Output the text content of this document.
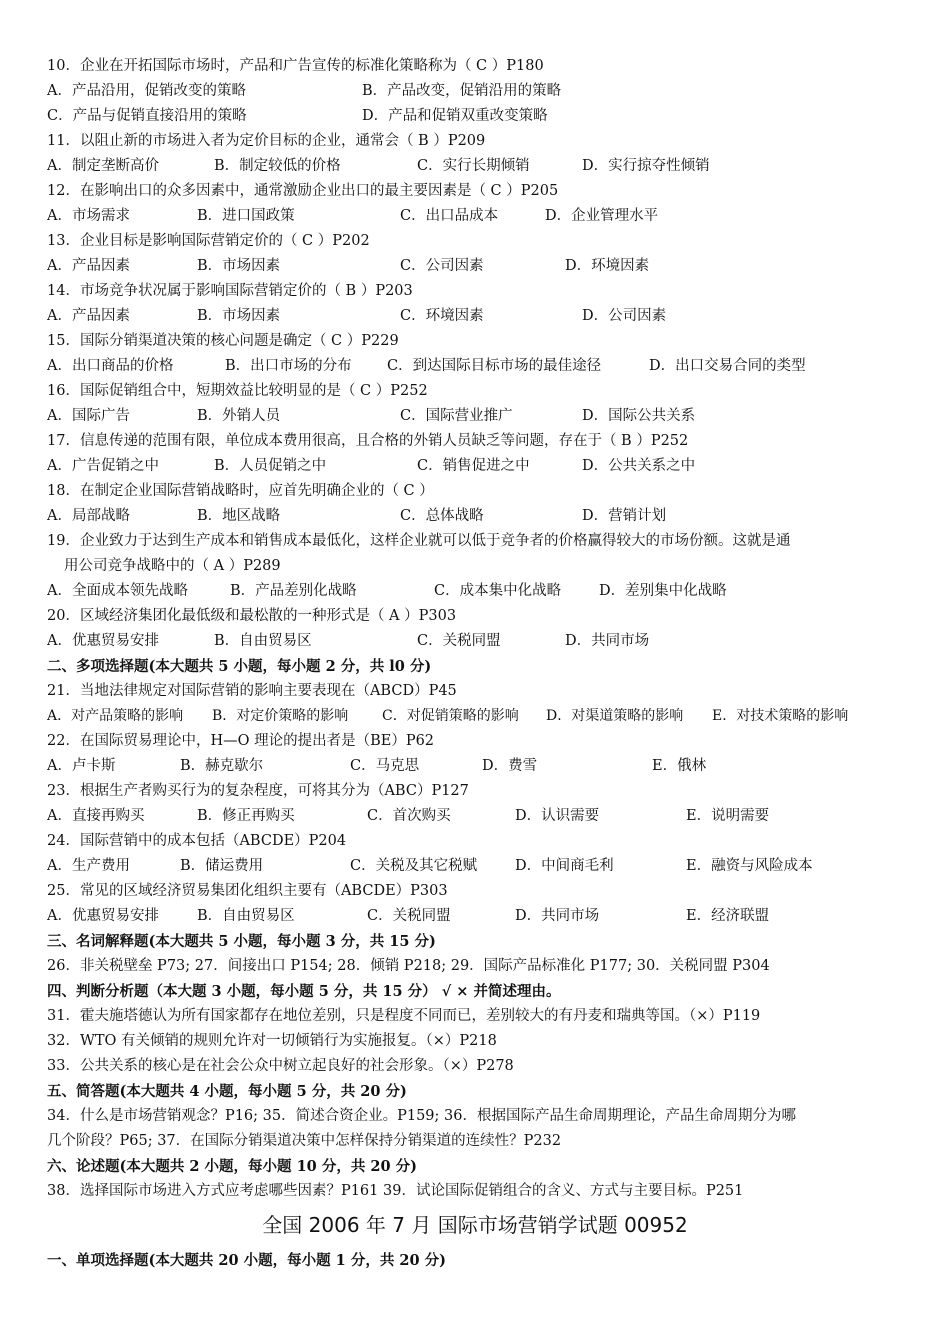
10．企业在开拓国际市场时，产品和广告宣传的标准化策略称为（ C ）P180
A．产品沿用，促销改变的策略	B．产品改变，促销沿用的策略
C．产品与促销直接沿用的策略	D．产品和促销双重改变策略
11．以阻止新的市场进入者为定价目标的企业，通常会（ B ）P209
A．制定垄断高价	B．制定较低的价格	C．实行长期倾销	D．实行掠夺性倾销
12．在影响出口的众多因素中，通常激励企业出口的最主要因素是（ C ）P205
A．市场需求	B．进口国政策	C．出口品成本	D．企业管理水平
13．企业目标是影响国际营销定价的（ C ）P202
A．产品因素	B．市场因素	C．公司因素	D．环境因素
14．市场竞争状况属于影响国际营销定价的（ B ）P203
A．产品因素	B．市场因素	C．环境因素	D．公司因素
15．国际分销渠道决策的核心问题是确定（ C ）P229
A．出口商品的价格	B．出口市场的分布	C．到达国际目标市场的最佳途径	D．出口交易合同的类型
16．国际促销组合中，短期效益比较明显的是（ C ）P252
A．国际广告	B．外销人员	C．国际营业推广	D．国际公共关系
17．信息传递的范围有限，单位成本费用很高，且合格的外销人员缺乏等问题，存在于（ B ）P252
A．广告促销之中	B．人员促销之中	C．销售促进之中	D．公共关系之中
18．在制定企业国际营销战略时，应首先明确企业的（ C ）
A．局部战略	B．地区战略	C．总体战略	D．营销计划
19．企业致力于达到生产成本和销售成本最低化，这样企业就可以低于竞争者的价格赢得较大的市场份额。这就是通
用公司竞争战略中的（ A ）P289
A．全面成本领先战略	B．产品差别化战略	C．成本集中化战略	D．差别集中化战略
20．区域经济集团化最低级和最松散的一种形式是（ A ）P303
A．优惠贸易安排	B．自由贸易区	C．关税同盟	D．共同市场
二、多项选择题(本大题共 5 小题，每小题 2 分，共 l0 分)
21．当地法律规定对国际营销的影响主要表现在（ABCD）P45
A．对产品策略的影响	B．对定价策略的影响	C．对促销策略的影响	D．对渠道策略的影响	E．对技术策略的影响
22．在国际贸易理论中，H—O 理论的提出者是（BE）P62
A．卢卡斯	B．赫克歇尔	C．马克思	D．费雪	E．俄林
23．根据生产者购买行为的复杂程度，可将其分为（ABC）P127
A．直接再购买	B．修正再购买	C．首次购买	D．认识需要	E．说明需要
24．国际营销中的成本包括（ABCDE）P204
A．生产费用	B．储运费用	C．关税及其它税赋	D．中间商毛利	E．融资与风险成本
25．常见的区域经济贸易集团化组织主要有（ABCDE）P303
A．优惠贸易安排	B．自由贸易区	C．关税同盟	D．共同市场	E．经济联盟
三、名词解释题(本大题共 5 小题，每小题 3 分，共 15 分)
26．非关税壁垒 P73; 27．间接出口 P154; 28．倾销 P218; 29．国际产品标准化 P177; 30．关税同盟 P304
四、判断分析题（本大题 3 小题，每小题 5 分，共 15 分） √ × 并简述理由。
31．霍夫施塔德认为所有国家都存在地位差别，只是程度不同而已，差别较大的有丹麦和瑞典等国。（×）P119
32．WTO 有关倾销的规则允许对一切倾销行为实施报复。（×）P218
33．公共关系的核心是在社会公众中树立起良好的社会形象。（×）P278
五、简答题(本大题共 4 小题，每小题 5 分，共 20 分)
34．什么是市场营销观念？P16; 35．简述合资企业。P159; 36．根据国际产品生命周期理论，产品生命周期分为哪
几个阶段？P65; 37．在国际分销渠道决策中怎样保持分销渠道的连续性？P232
六、论述题(本大题共 2 小题，每小题 10 分，共 20 分)
38．选择国际市场进入方式应考虑哪些因素？P161 39．试论国际促销组合的含义、方式与主要目标。P251
全国 2006 年 7 月 国际市场营销学试题 00952
一、单项选择题(本大题共 20 小题，每小题 1 分，共 20 分)
